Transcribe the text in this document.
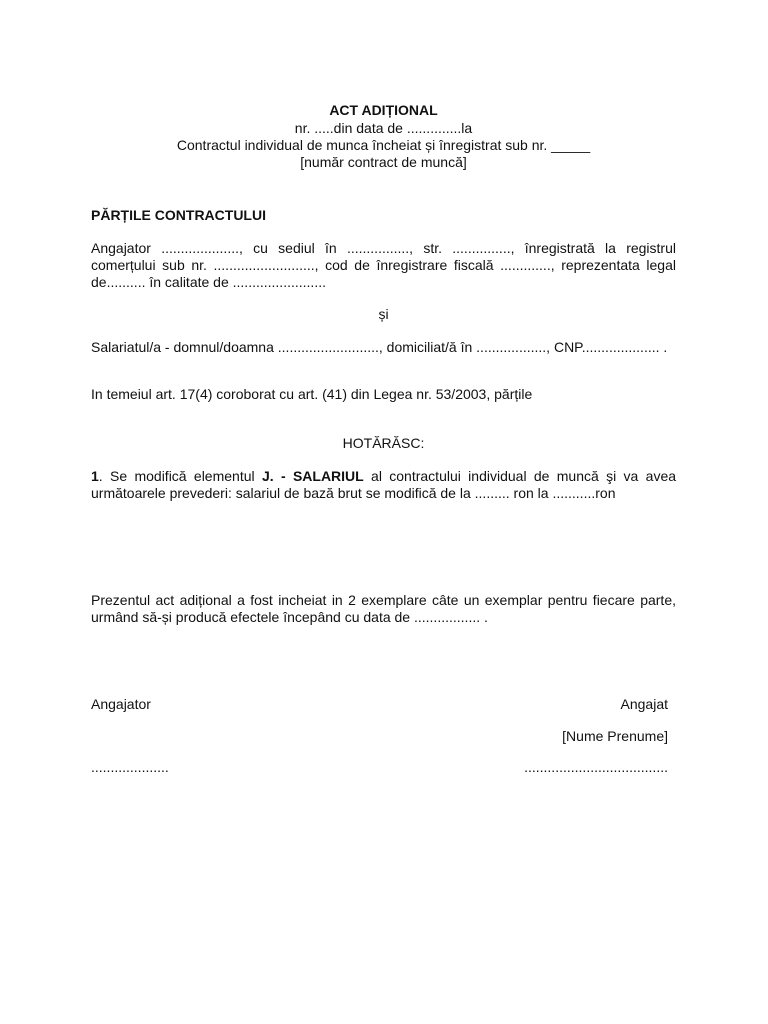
ACT ADIȚIONAL
nr. .....din data de ..............la
Contractul individual de munca încheiat și înregistrat sub nr. _____
[număr contract de muncă]
PĂRȚILE CONTRACTULUI
Angajator ...................., cu sediul în ................, str. ..............., înregistrată la registrul comerțului sub nr. .........................., cod de înregistrare fiscală ............., reprezentata legal de.......... în calitate de ........................
și
Salariatul/a - domnul/doamna .........................., domiciliat/ă în .................., CNP.................... .
In temeiul art. 17(4) coroborat cu art. (41) din Legea nr. 53/2003, părțile
HOTĂRĂSC:
1. Se modifică elementul J. - SALARIUL al contractului individual de muncă şi va avea următoarele prevederi: salariul de bază brut se modifică de la ......... ron la ...........ron
Prezentul act adițional a fost incheiat in 2 exemplare câte un exemplar pentru fiecare parte, urmând să-și producă efectele începând cu data de ................. .
Angajator	Angajat
[Nume Prenume]
....................	.....................................
